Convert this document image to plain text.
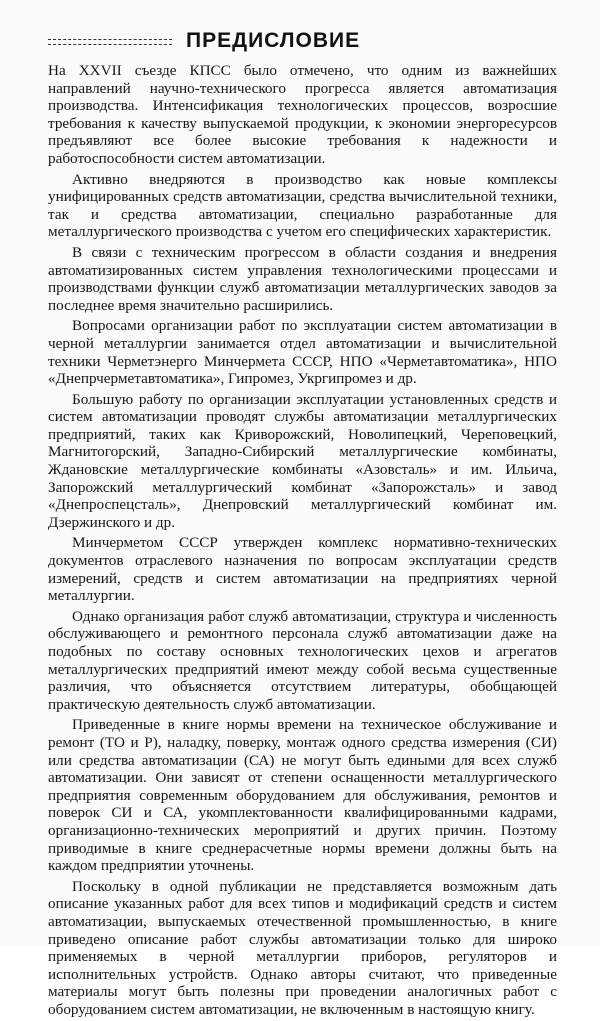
ПРЕДИСЛОВИЕ

На XXVII съезде КПСС было отмечено, что одним из важнейших направлений научно-технического прогресса является автоматизация производства. Интенсификация технологических процессов, возросшие требования к качеству выпускаемой продукции, к экономии энергоресурсов предъявляют все более высокие требования к надежности и работоспособности систем автоматизации.

Активно внедряются в производство как новые комплексы унифицированных средств автоматизации, средства вычислительной техники, так и средства автоматизации, специально разработанные для металлургического производства с учетом его специфических характеристик.

В связи с техническим прогрессом в области создания и внедрения автоматизированных систем управления технологическими процессами и производствами функции служб автоматизации металлургических заводов за последнее время значительно расширились.

Вопросами организации работ по эксплуатации систем автоматизации в черной металлургии занимается отдел автоматизации и вычислительной техники Черметэнерго Минчермета СССР, НПО «Черметавтоматика», НПО «Днепрчерметавтоматика», Гипромез, Укргипромез и др.

Большую работу по организации эксплуатации установленных средств и систем автоматизации проводят службы автоматизации металлургических предприятий, таких как Криворожский, Новолипецкий, Череповецкий, Магнитогорский, Западно-Сибирский металлургические комбинаты, Ждановские металлургические комбинаты «Азовсталь» и им. Ильича, Запорожский металлургический комбинат «Запорожсталь» и завод «Днепроспецсталь», Днепровский металлургический комбинат им. Дзержинского и др.

Минчерметом СССР утвержден комплекс нормативно-технических документов отраслевого назначения по вопросам эксплуатации средств измерений, средств и систем автоматизации на предприятиях черной металлургии.

Однако организация работ служб автоматизации, структура и численность обслуживающего и ремонтного персонала служб автоматизации даже на подобных по составу основных технологических цехов и агрегатов металлургических предприятий имеют между собой весьма существенные различия, что объясняется отсутствием литературы, обобщающей практическую деятельность служб автоматизации.

Приведенные в книге нормы времени на техническое обслуживание и ремонт (ТО и Р), наладку, поверку, монтаж одного средства измерения (СИ) или средства автоматизации (СА) не могут быть едиными для всех служб автоматизации. Они зависят от степени оснащенности металлургического предприятия современным оборудованием для обслуживания, ремонтов и поверок СИ и СА, укомплектованности квалифицированными кадрами, организационно-технических мероприятий и других причин. Поэтому приводимые в книге среднерасчетные нормы времени должны быть на каждом предприятии уточнены.

Поскольку в одной публикации не представляется возможным дать описание указанных работ для всех типов и модификаций средств и систем автоматизации, выпускаемых отечественной промышленностью, в книге приведено описание работ службы автоматизации только для широко применяемых в черной металлургии приборов, регуляторов и исполнительных устройств. Однако авторы считают, что приведенные материалы могут быть полезны при проведении аналогичных работ с оборудованием систем автоматизации, не включенным в настоящую книгу.
